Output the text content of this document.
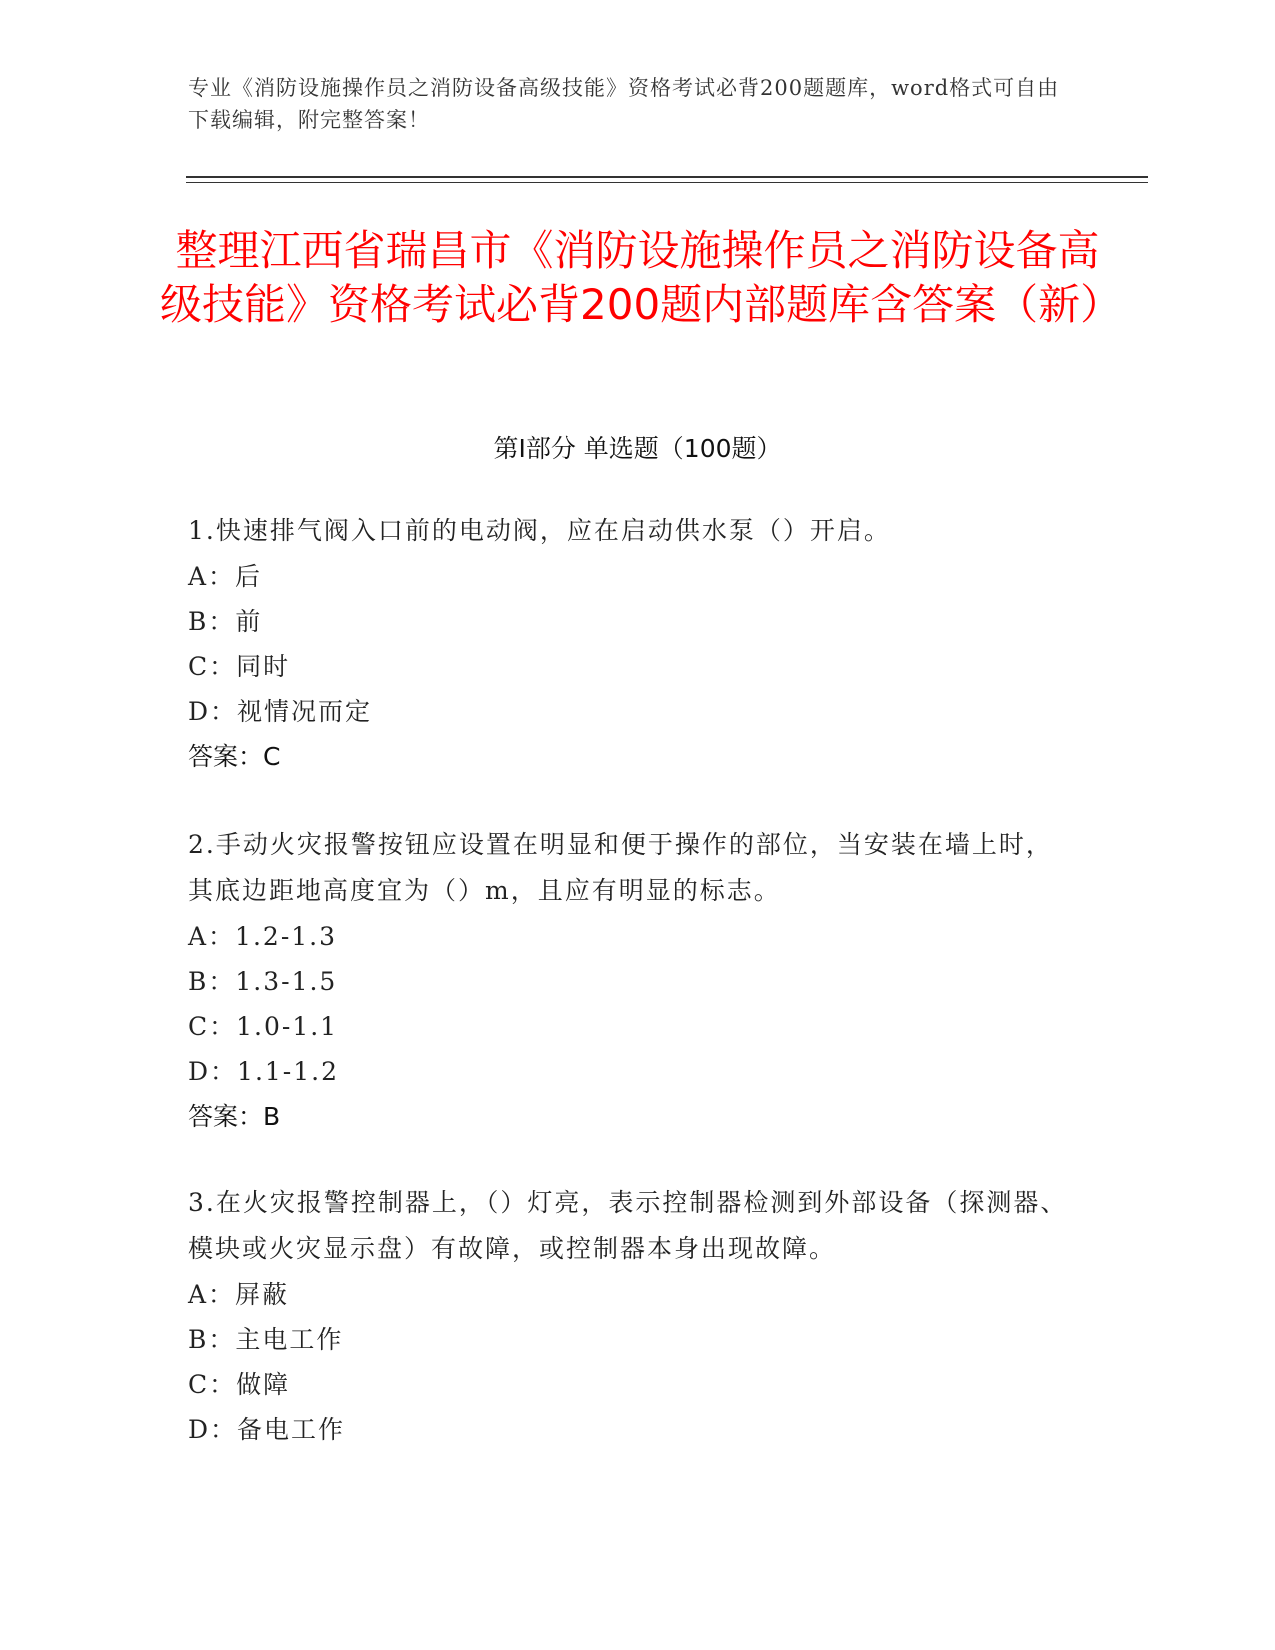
专业《消防设施操作员之消防设备高级技能》资格考试必背200题题库，word格式可自由下载编辑，附完整答案！
整理江西省瑞昌市《消防设施操作员之消防设备高级技能》资格考试必背200题内部题库含答案（新）
第Ⅰ部分 单选题（100题）

1.快速排气阀入口前的电动阀，应在启动供水泵（）开启。

A：后

B：前

C：同时

D：视情况而定

答案：C

2.手动火灾报警按钮应设置在明显和便于操作的部位，当安装在墙上时，其底边距地高度宜为（）m，且应有明显的标志。

A：1.2-1.3

B：1.3-1.5

C：1.0-1.1

D：1.1-1.2

答案：B

3.在火灾报警控制器上，（）灯亮，表示控制器检测到外部设备（探测器、模块或火灾显示盘）有故障，或控制器本身出现故障。

A：屏蔽

B：主电工作

C：做障

D：备电工作
